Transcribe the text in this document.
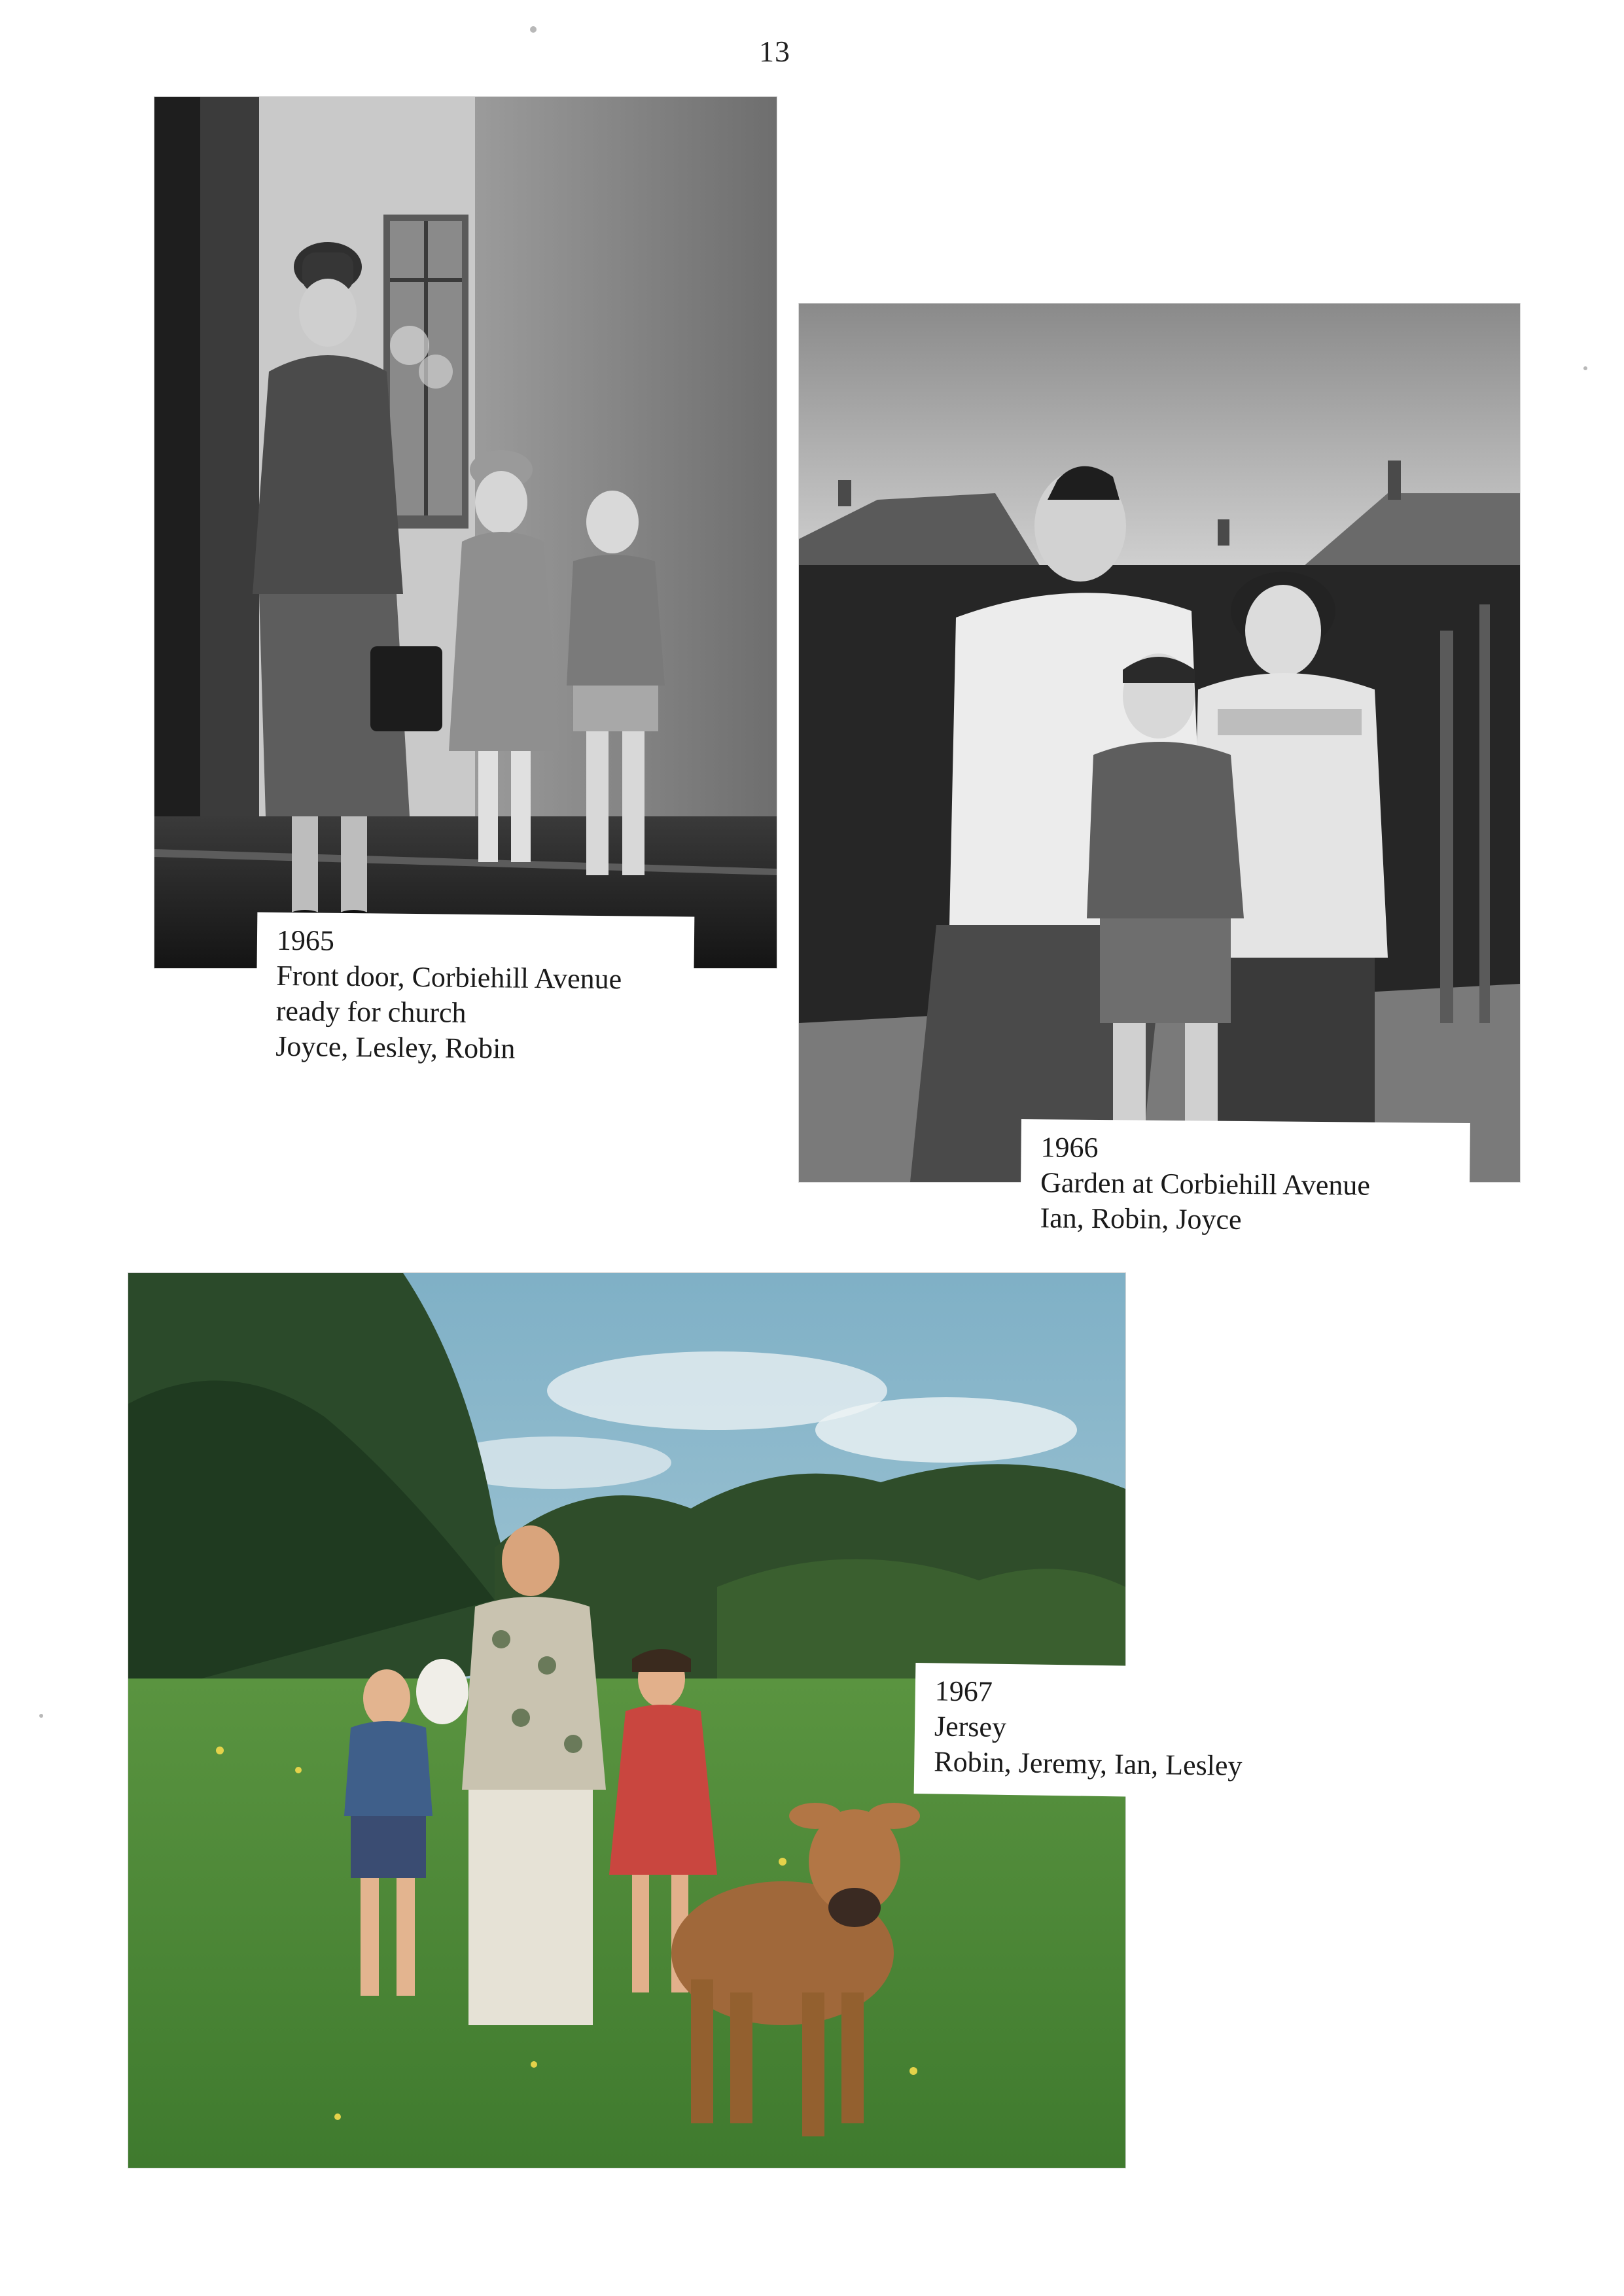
13
1965
Front door, Corbiehill Avenue
ready for church
Joyce, Lesley, Robin
1966
Garden at Corbiehill Avenue
Ian, Robin, Joyce
1967
Jersey
Robin, Jeremy, Ian, Lesley
